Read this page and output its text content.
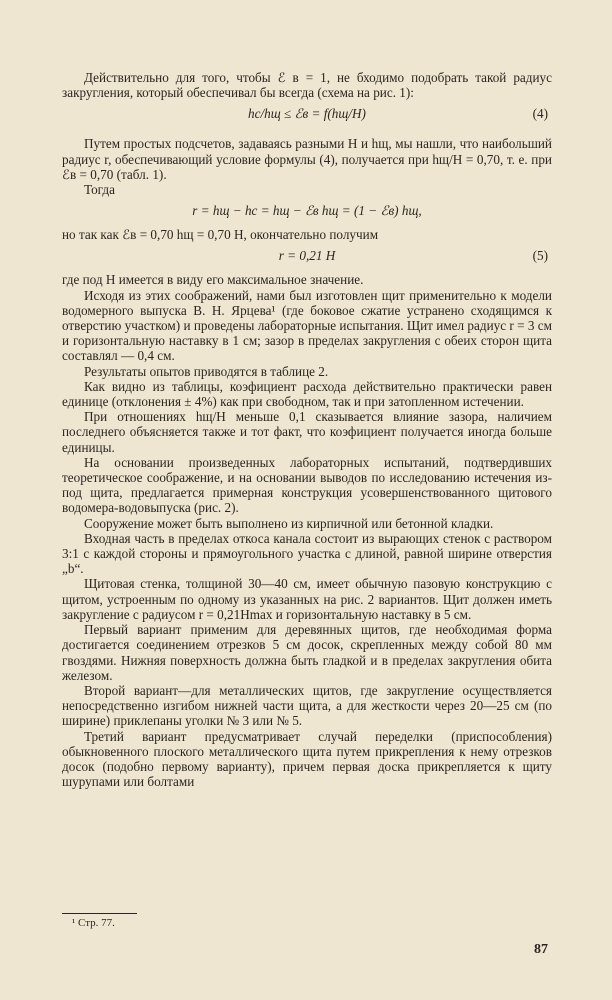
Действительно для того, чтобы ℰ в = 1, не бходимо подобрать такой радиус закругления, который обеспечивал бы всегда (схема на рис. 1):

hс/hщ ≤ ℰв = f(hщ/H)	(4)

Путем простых подсчетов, задаваясь разными H и hщ, мы нашли, что наибольший радиус r, обеспечивающий условие формулы (4), получается при hщ/H = 0,70, т. е. при ℰв = 0,70 (табл. 1).

Тогда

r = hщ − hс = hщ − ℰв hщ = (1 − ℰв) hщ,

но так как ℰв = 0,70 hщ = 0,70 H, окончательно получим

r = 0,21 H	(5)

где под H имеется в виду его максимальное значение.

Исходя из этих соображений, нами был изготовлен щит применительно к модели водомерного выпуска В. Н. Ярцева¹ (где боковое сжатие устранено сходящимся к отверстию участком) и проведены лабораторные испытания. Щит имел радиус r = 3 см и горизонтальную наставку в 1 см; зазор в пределах закругления с обеих сторон щита составлял — 0,4 см.

Результаты опытов приводятся в таблице 2.

Как видно из таблицы, коэфициент расхода действительно практически равен единице (отклонения ± 4%) как при свободном, так и при затопленном истечении.

При отношениях hщ/H меньше 0,1 сказывается влияние зазора, наличием последнего объясняется также и тот факт, что коэфициент получается иногда больше единицы.

На основании произведенных лабораторных испытаний, подтвердивших теоретическое соображение, и на основании выводов по исследованию истечения из-под щита, предлагается примерная конструкция усовершенствованного щитового водомера-водовыпуска (рис. 2).

Сооружение может быть выполнено из кирпичной или бетонной кладки.

Входная часть в пределах откоса канала состоит из вырающих стенок с раствором 3:1 с каждой стороны и прямоугольного участка с длиной, равной ширине отверстия „b“.

Щитовая стенка, толщиной 30—40 см, имеет обычную пазовую конструкцию с щитом, устроенным по одному из указанных на рис. 2 вариантов. Щит должен иметь закругление с радиусом r = 0,21Hmax и горизонтальную наставку в 5 см.

Первый вариант применим для деревянных щитов, где необходимая форма достигается соединением отрезков 5 см досок, скрепленных между собой 80 мм гвоздями. Нижняя поверхность должна быть гладкой и в пределах закругления обита железом.

Второй вариант—для металлических щитов, где закругление осуществляется непосредственно изгибом нижней части щита, а для жесткости через 20—25 см (по ширине) приклепаны уголки № 3 или № 5.

Третий вариант предусматривает случай переделки (приспособления) обыкновенного плоского металлического щита путем прикрепления к нему отрезков досок (подобно первому варианту), причем первая доска прикрепляется к щиту шурупами или болтами

¹ Стр. 77.
87
